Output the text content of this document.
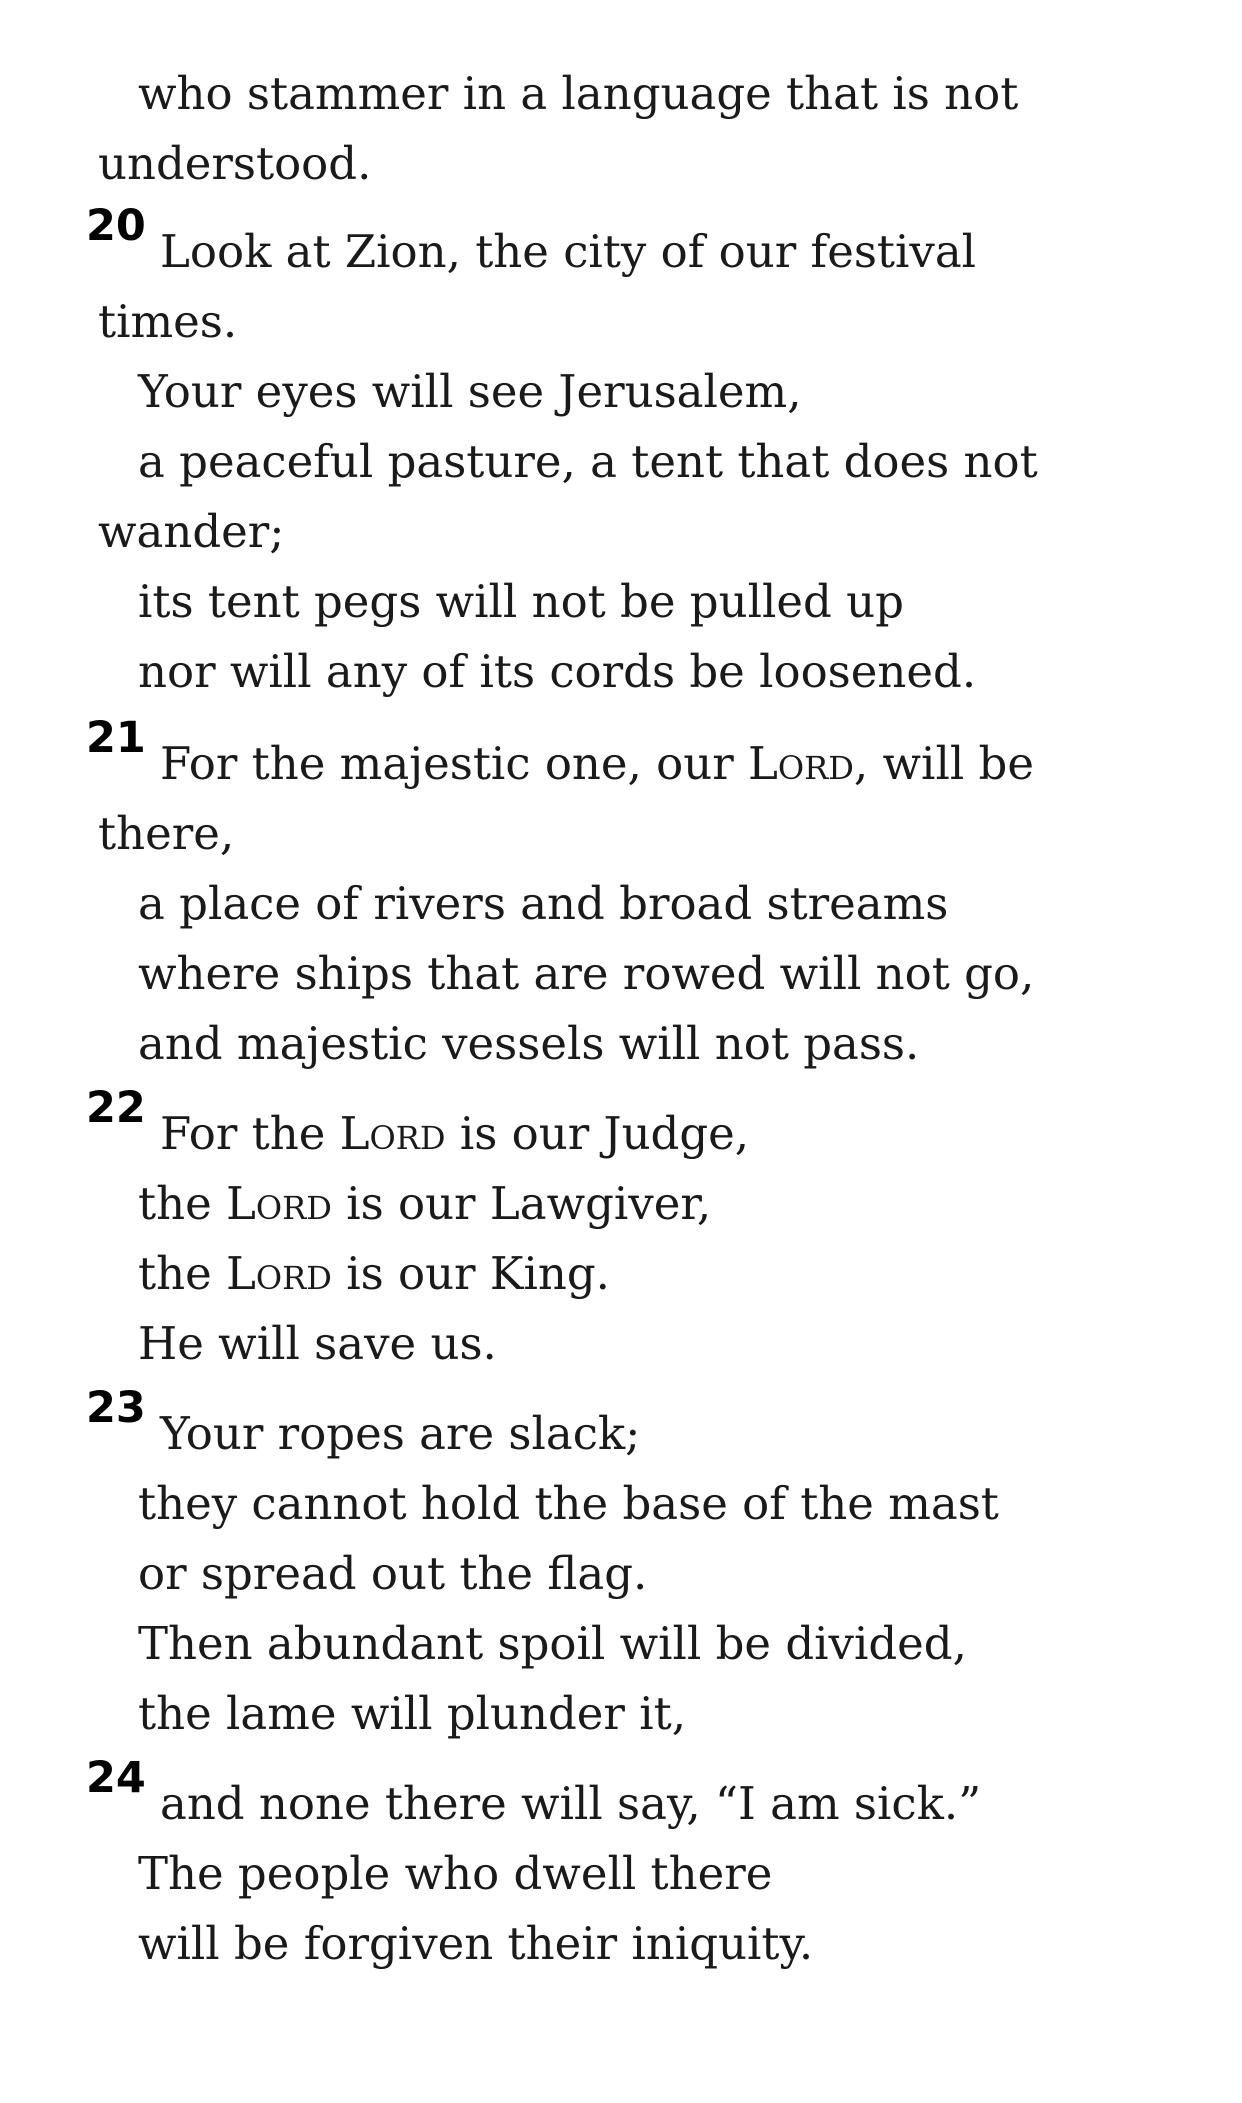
who stammer in a language that is not
understood.
20 Look at Zion, the city of our festival
times.
Your eyes will see Jerusalem,
a peaceful pasture, a tent that does not
wander;
its tent pegs will not be pulled up
nor will any of its cords be loosened.
21 For the majestic one, our Lord, will be
there,
a place of rivers and broad streams
where ships that are rowed will not go,
and majestic vessels will not pass.
22 For the Lord is our Judge,
the Lord is our Lawgiver,
the Lord is our King.
He will save us.
23 Your ropes are slack;
they cannot hold the base of the mast
or spread out the flag.
Then abundant spoil will be divided,
the lame will plunder it,
24 and none there will say, “I am sick.”
The people who dwell there
will be forgiven their iniquity.
